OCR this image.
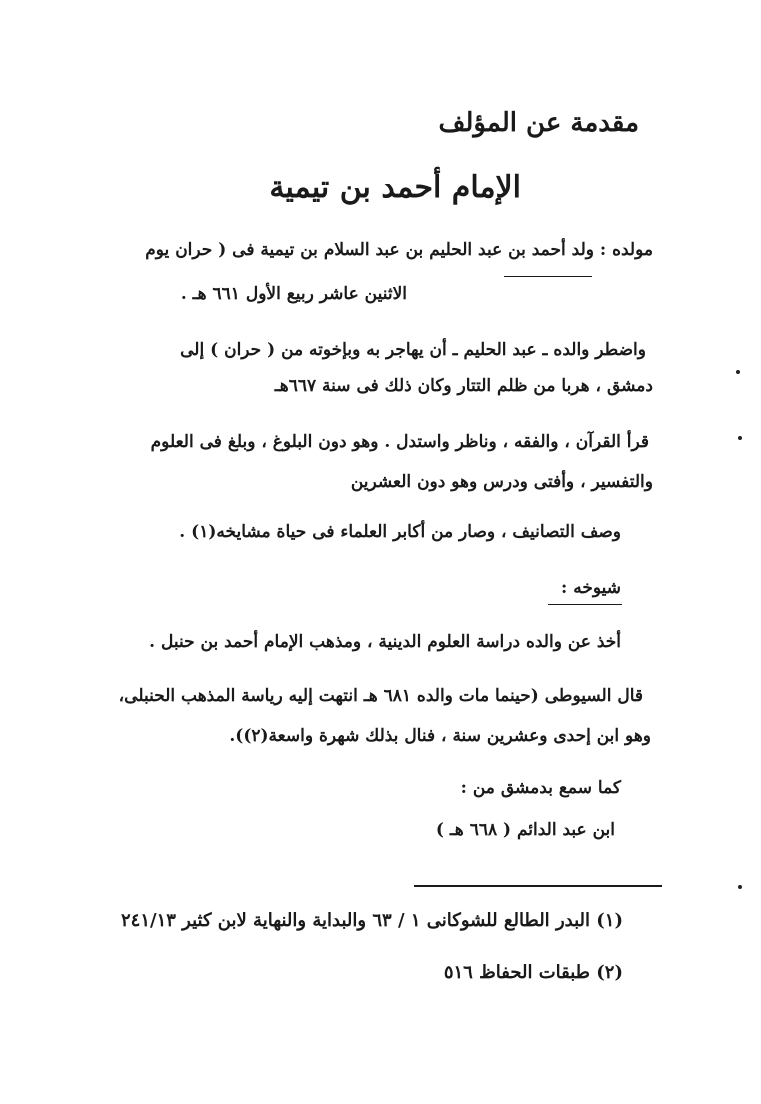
مقدمة عن المؤلف
الإمام أحمد بن تيمية
مولده : ولد أحمد بن عبد الحليم بن عبد السلام بن تيمية فى ( حران يوم
الاثنين عاشر ربيع الأول ٦٦١ هـ .
واضطر والده ـ عبد الحليم ـ أن يهاجر به وبإخوته من ( حران ) إلى
دمشق ، هربا من ظلم التتار وكان ذلك فى سنة ٦٦٧هـ
قرأ القرآن ، والفقه ، وناظر واستدل . وهو دون البلوغ ، وبلغ فى العلوم
والتفسير ، وأفتى ودرس وهو دون العشرين
وصف التصانيف ، وصار من أكابر العلماء فى حياة مشايخه(١) .
شيوخه :
أخذ عن والده دراسة العلوم الدينية ، ومذهب الإمام أحمد بن حنبل .
قال السيوطى (حينما مات والده ٦٨١ هـ انتهت إليه رياسة المذهب الحنبلى،
وهو ابن إحدى وعشرين سنة ، فنال بذلك شهرة واسعة(٢)).
كما سمع بدمشق من :
ابن عبد الدائم ( ٦٦٨ هـ )
(١) البدر الطالع للشوكانى ١ / ٦٣ والبداية والنهاية لابن كثير ٢٤١/١٣
(٢) طبقات الحفاظ ٥١٦
